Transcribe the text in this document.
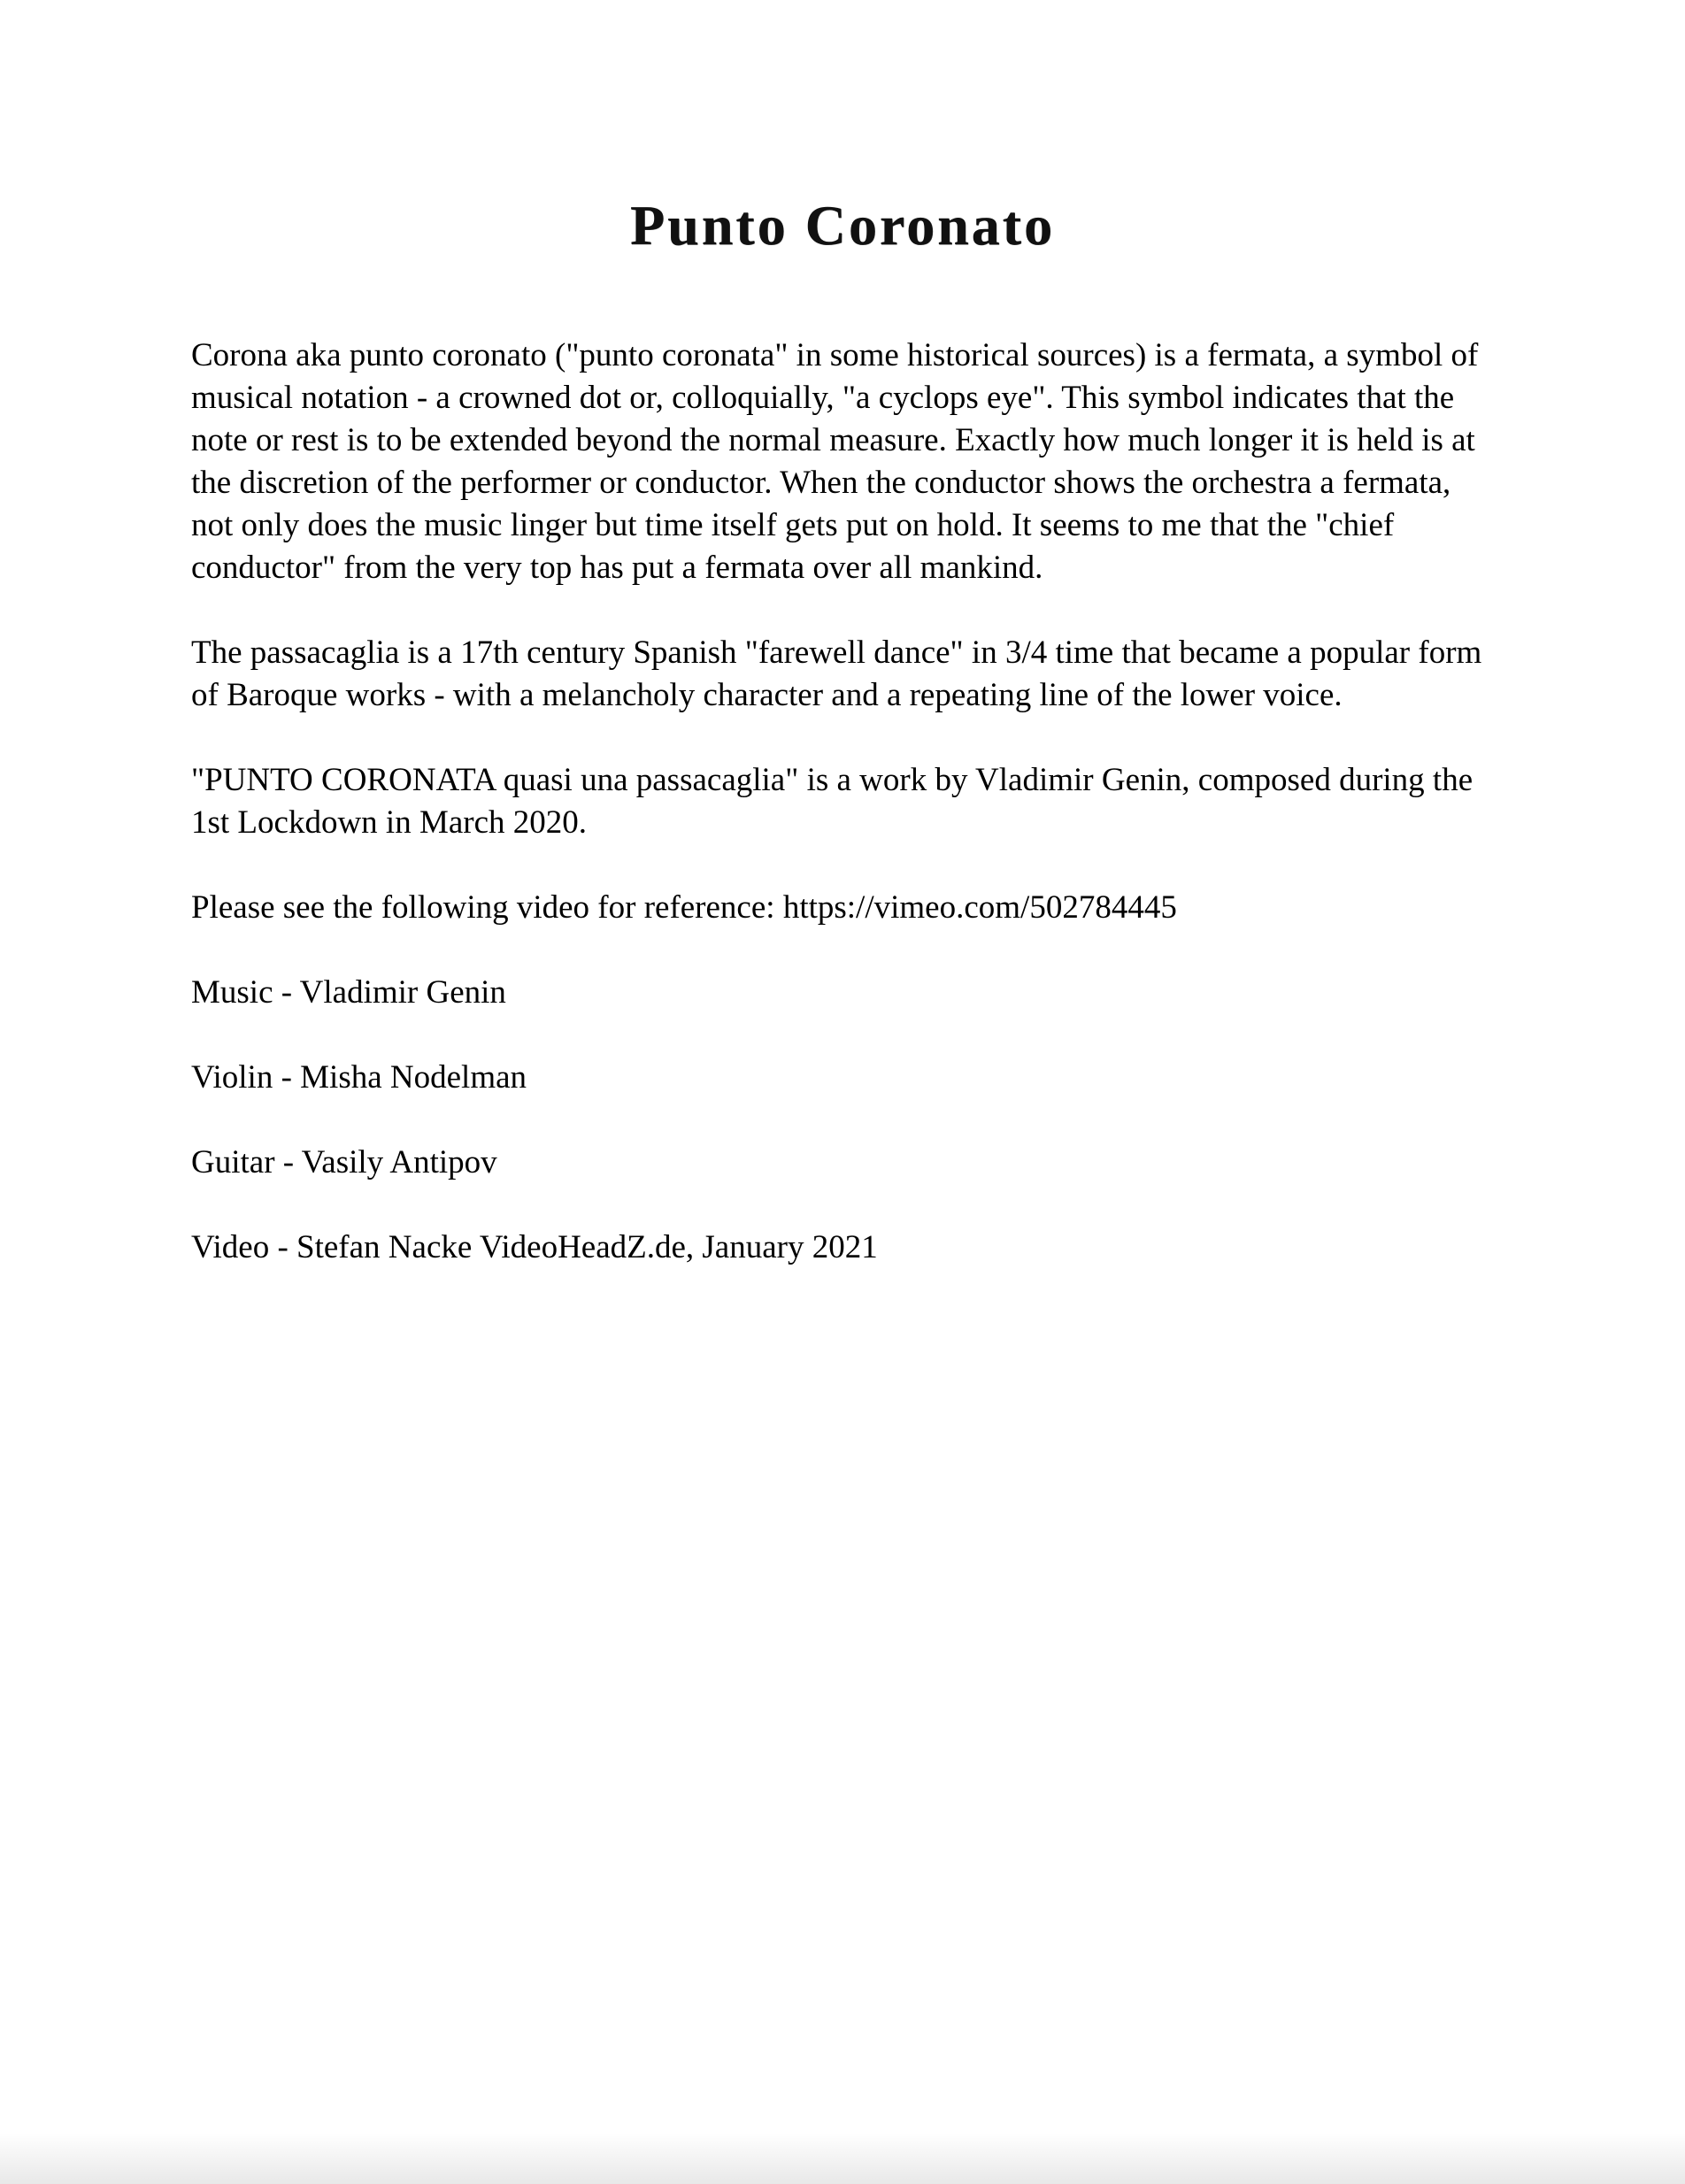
Punto Coronato

Corona aka punto coronato ("punto coronata" in some historical sources) is a fermata, a symbol of musical notation - a crowned dot or, colloquially, "a cyclops eye". This symbol indicates that the note or rest is to be extended beyond the normal measure. Exactly how much longer it is held is at the discretion of the performer or conductor. When the conductor shows the orchestra a fermata, not only does the music linger but time itself gets put on hold. It seems to me that the "chief conductor" from the very top has put a fermata over all mankind.

The passacaglia is a 17th century Spanish "farewell dance" in 3/4 time that became a popular form of Baroque works - with a melancholy character and a repeating line of the lower voice.

"PUNTO CORONATA quasi una passacaglia" is a work by Vladimir Genin, composed during the 1st Lockdown in March 2020.

Please see the following video for reference: https://vimeo.com/502784445

Music - Vladimir Genin

Violin - Misha Nodelman

Guitar - Vasily Antipov

Video - Stefan Nacke VideoHeadZ.de, January 2021
